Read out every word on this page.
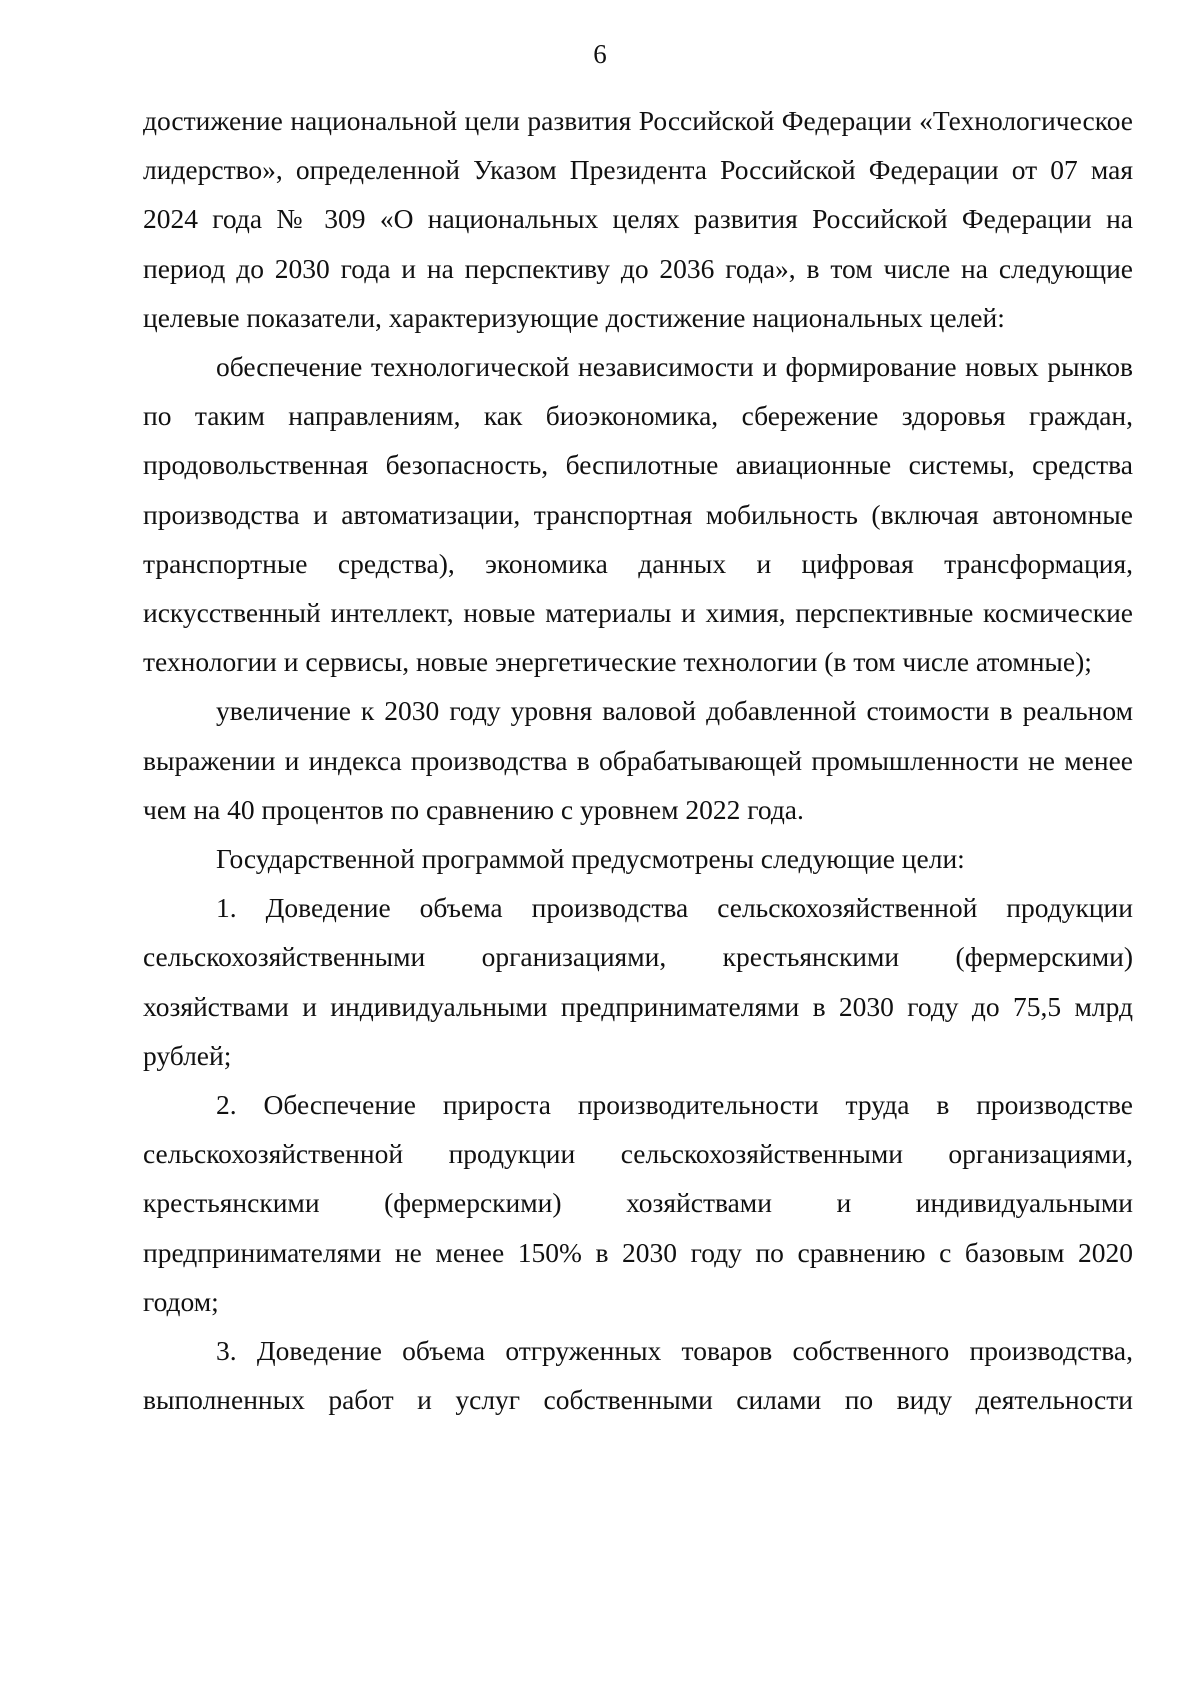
6

достижение национальной цели развития Российской Федерации «Технологическое лидерство», определенной Указом Президента Российской Федерации от 07 мая 2024 года № 309 «О национальных целях развития Российской Федерации на период до 2030 года и на перспективу до 2036 года», в том числе на следующие целевые показатели, характеризующие достижение национальных целей:

обеспечение технологической независимости и формирование новых рынков по таким направлениям, как биоэкономика, сбережение здоровья граждан, продовольственная безопасность, беспилотные авиационные системы, средства производства и автоматизации, транспортная мобильность (включая автономные транспортные средства), экономика данных и цифровая трансформация, искусственный интеллект, новые материалы и химия, перспективные космические технологии и сервисы, новые энергетические технологии (в том числе атомные);

увеличение к 2030 году уровня валовой добавленной стоимости в реальном выражении и индекса производства в обрабатывающей промышленности не менее чем на 40 процентов по сравнению с уровнем 2022 года.

Государственной программой предусмотрены следующие цели:

1. Доведение объема производства сельскохозяйственной продукции сельскохозяйственными организациями, крестьянскими (фермерскими) хозяйствами и индивидуальными предпринимателями в 2030 году до 75,5 млрд рублей;

2. Обеспечение прироста производительности труда в производстве сельскохозяйственной продукции сельскохозяйственными организациями, крестьянскими (фермерскими) хозяйствами и индивидуальными предпринимателями не менее 150% в 2030 году по сравнению с базовым 2020 годом;

3. Доведение объема отгруженных товаров собственного производства, выполненных работ и услуг собственными силами по виду деятельности
